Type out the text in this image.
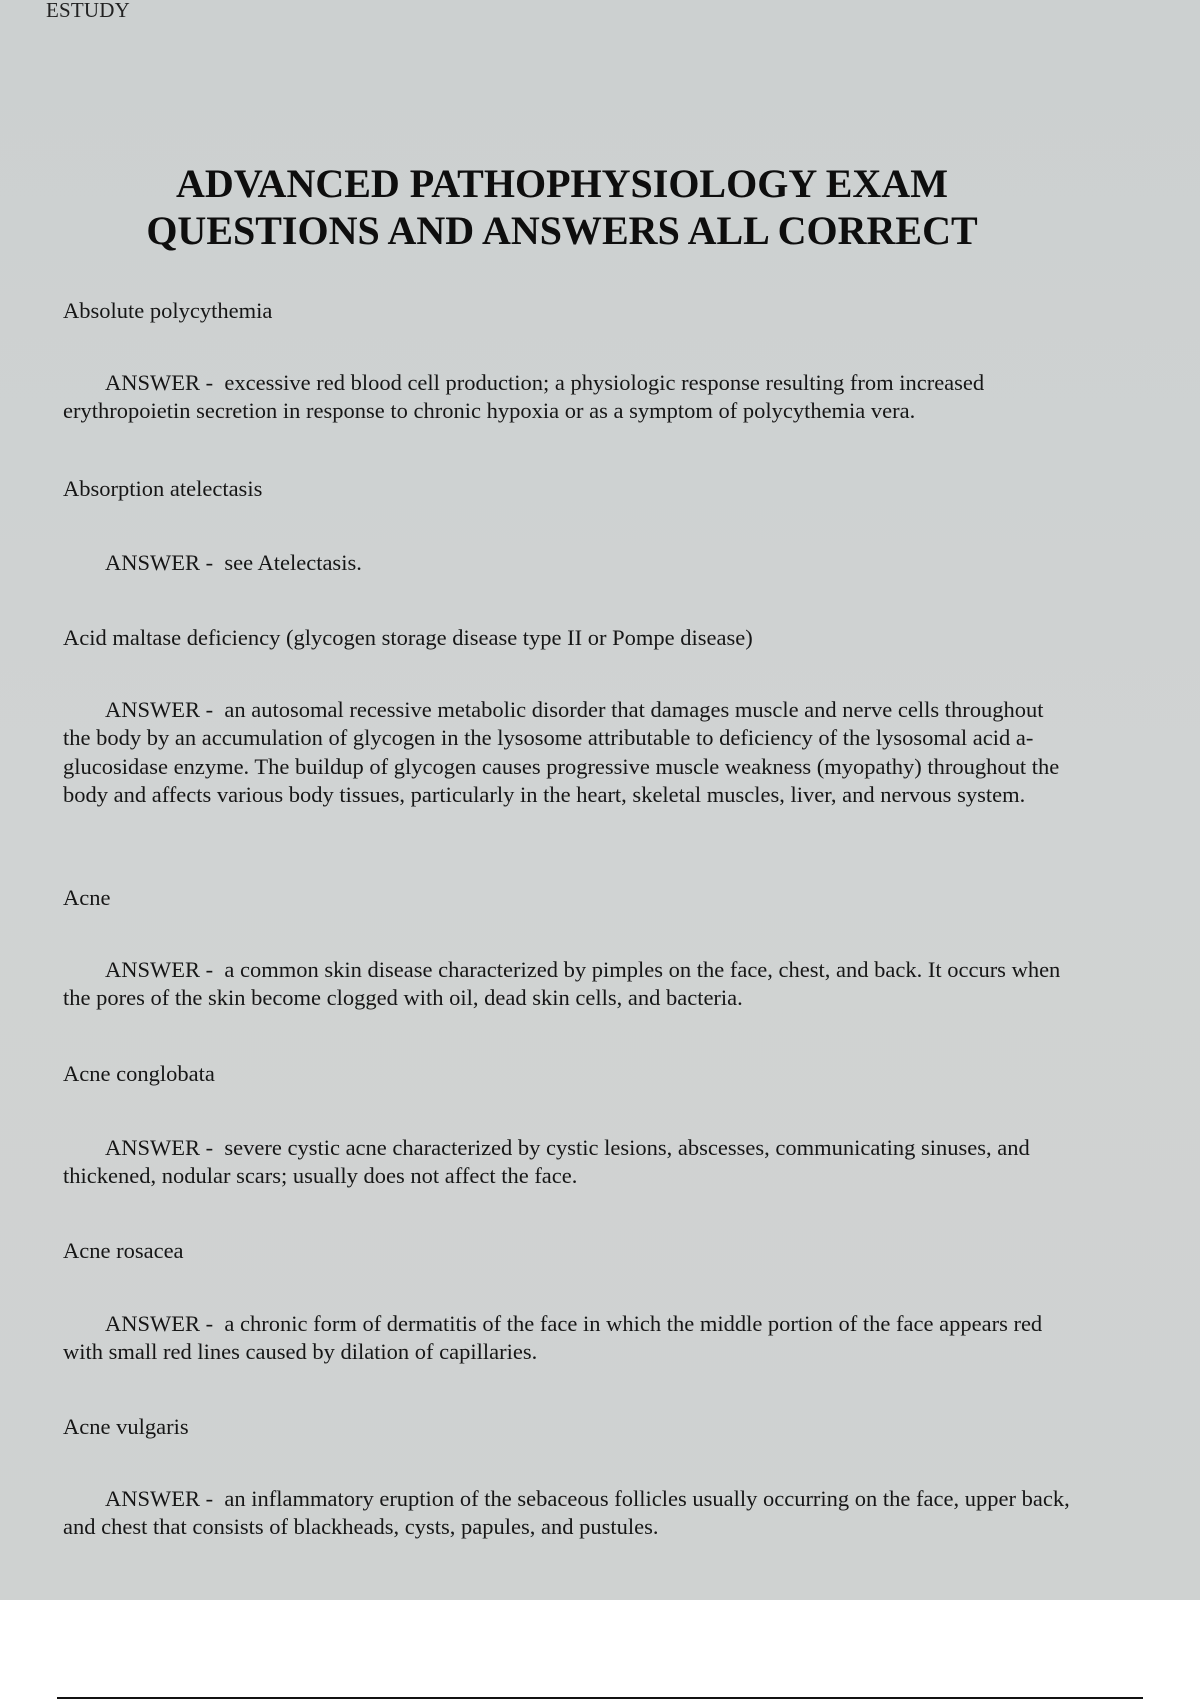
ESTUDY
ADVANCED PATHOPHYSIOLOGY EXAM
QUESTIONS AND ANSWERS ALL CORRECT
Absolute polycythemia
ANSWER -  excessive red blood cell production; a physiologic response resulting from increased erythropoietin secretion in response to chronic hypoxia or as a symptom of polycythemia vera.
Absorption atelectasis
ANSWER -  see Atelectasis.
Acid maltase deficiency (glycogen storage disease type II or Pompe disease)
ANSWER -  an autosomal recessive metabolic disorder that damages muscle and nerve cells throughout the body by an accumulation of glycogen in the lysosome attributable to deficiency of the lysosomal acid a-glucosidase enzyme. The buildup of glycogen causes progressive muscle weakness (myopathy) throughout the body and affects various body tissues, particularly in the heart, skeletal muscles, liver, and nervous system.
Acne
ANSWER -  a common skin disease characterized by pimples on the face, chest, and back. It occurs when the pores of the skin become clogged with oil, dead skin cells, and bacteria.
Acne conglobata
ANSWER -  severe cystic acne characterized by cystic lesions, abscesses, communicating sinuses, and thickened, nodular scars; usually does not affect the face.
Acne rosacea
ANSWER -  a chronic form of dermatitis of the face in which the middle portion of the face appears red with small red lines caused by dilation of capillaries.
Acne vulgaris
ANSWER -  an inflammatory eruption of the sebaceous follicles usually occurring on the face, upper back, and chest that consists of blackheads, cysts, papules, and pustules.
